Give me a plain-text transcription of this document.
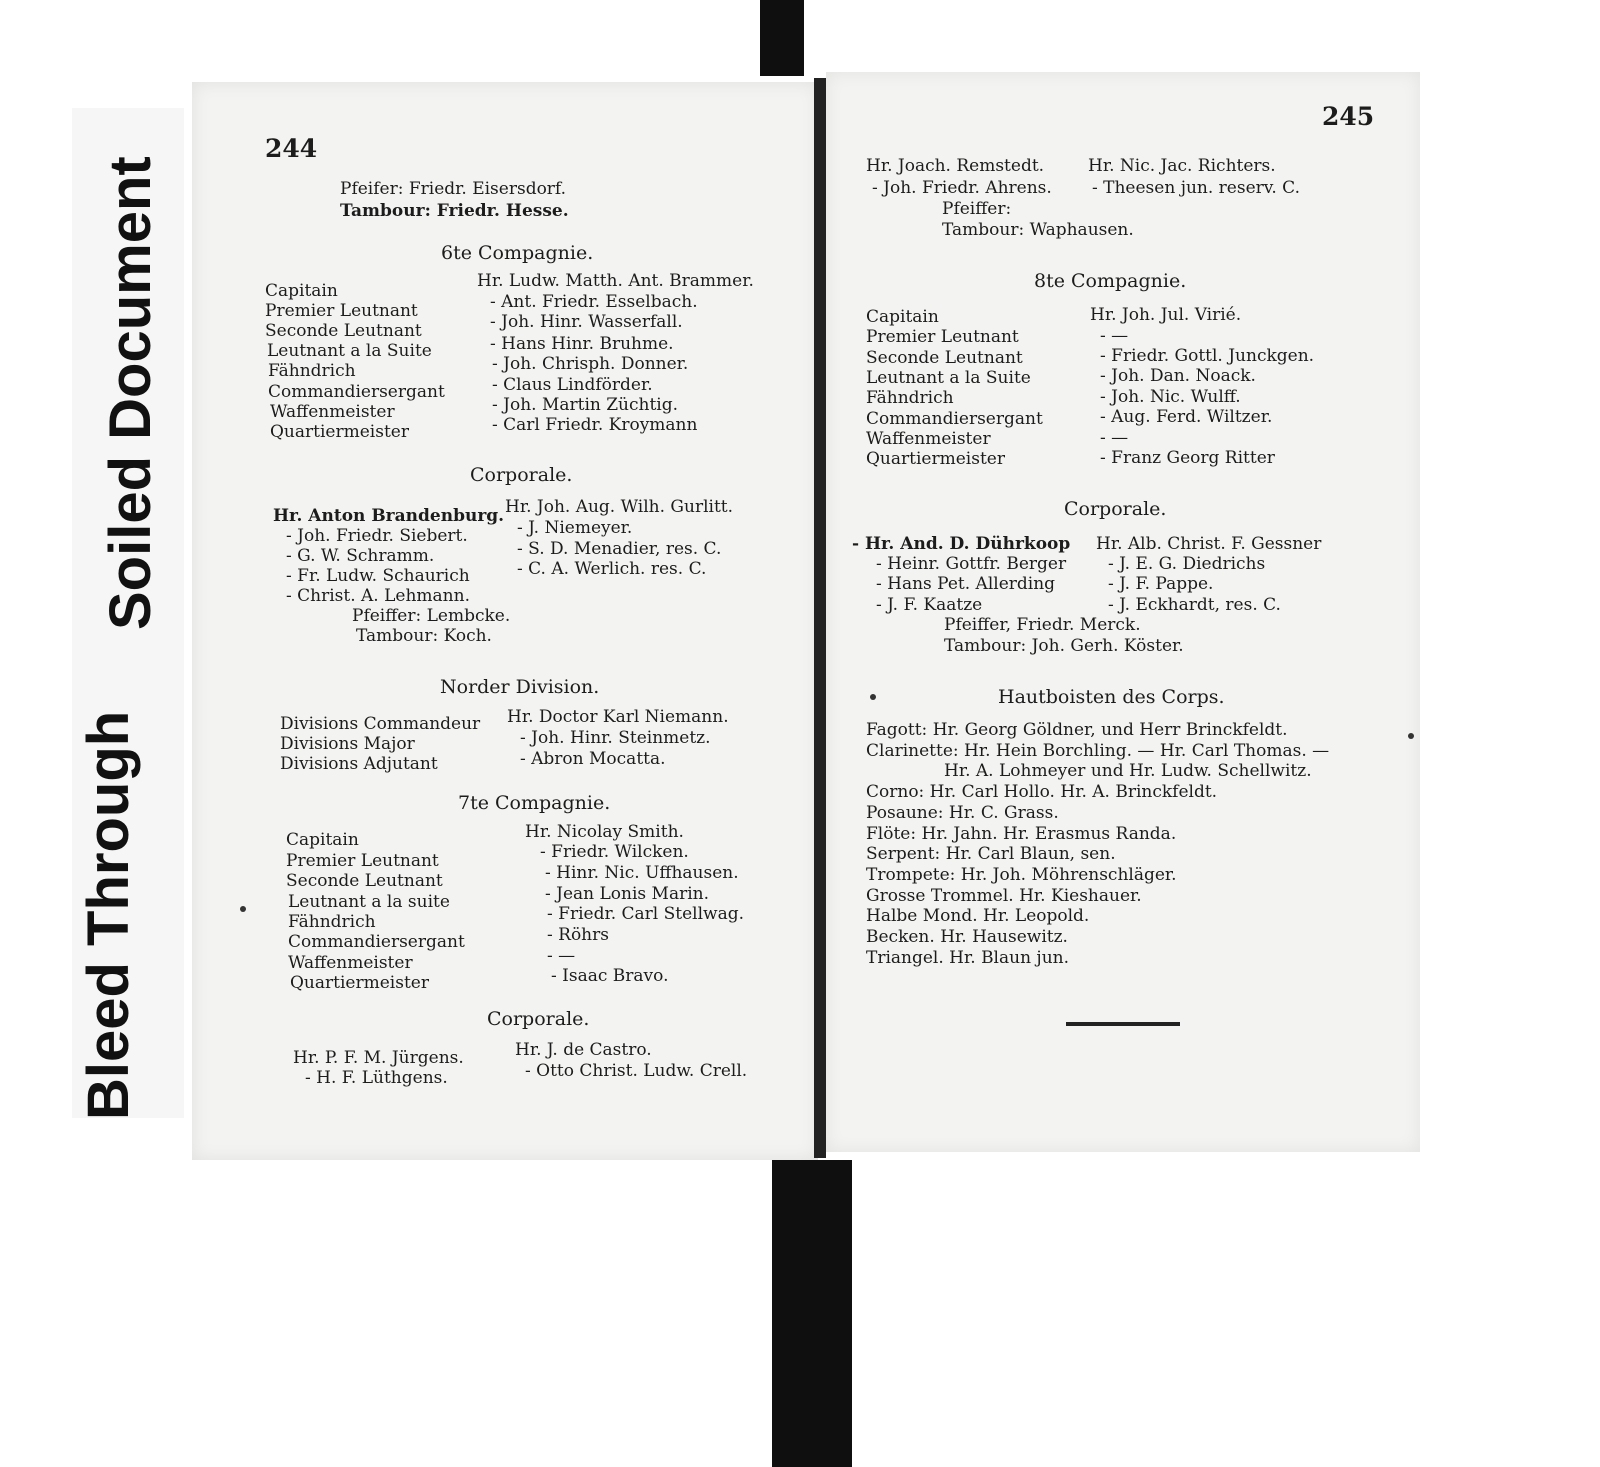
Bleed Through
Soiled Document
244
Pfeifer: Friedr. Eisersdorf.
Tambour: Friedr. Hesse.
6te Compagnie.
Capitain	Hr. Ludw. Matth. Ant. Brammer.
Premier Leutnant	- Ant. Friedr. Esselbach.
Seconde Leutnant	- Joh. Hinr. Wasserfall.
Leutnant a la Suite	- Hans Hinr. Bruhme.
Fähndrich	- Joh. Chrisph. Donner.
Commandiersergant	- Claus Lindförder.
Waffenmeister	- Joh. Martin Züchtig.
Quartiermeister	- Carl Friedr. Kroymann
Corporale.
Hr. Anton Brandenburg.
- Joh. Friedr. Siebert.
- G. W. Schramm.
- Fr. Ludw. Schaurich
- Christ. A. Lehmann.
Hr. Joh. Aug. Wilh. Gurlitt.
- J. Niemeyer.
- S. D. Menadier, res. C.
- C. A. Werlich. res. C.
Pfeiffer: Lembcke.
Tambour: Koch.
Norder Division.
Divisions Commandeur Hr. Doctor Karl Niemann.
Divisions Major	- Joh. Hinr. Steinmetz.
Divisions Adjutant	- Abron Mocatta.
7te Compagnie.
Capitain	Hr. Nicolay Smith.
Premier Leutnant	- Friedr. Wilcken.
Seconde Leutnant	- Hinr. Nic. Uffhausen.
Leutnant a la suite	- Jean Lonis Marin.
Fähndrich	- Friedr. Carl Stellwag.
Commandiersergant	- Röhrs
Waffenmeister	- —
Quartiermeister	- Isaac Bravo.
Corporale.
Hr. P. F. M. Jürgens.
- H. F. Lüthgens.
Hr. J. de Castro.
- Otto Christ. Ludw. Crell.
245
Hr. Joach. Remstedt.
- Joh. Friedr. Ahrens.
Hr. Nic. Jac. Richters.
- Theesen jun. reserv. C.
Pfeiffer:
Tambour: Waphausen.
8te Compagnie.
Capitain	Hr. Joh. Jul. Virié.
Premier Leutnant	- —
Seconde Leutnant	- Friedr. Gottl. Junckgen.
Leutnant a la Suite	- Joh. Dan. Noack.
Fähndrich	- Joh. Nic. Wulff.
Commandiersergant	- Aug. Ferd. Wiltzer.
Waffenmeister	- —
Quartiermeister	- Franz Georg Ritter
Corporale.
- Hr. And. D. Dührkoop
- Heinr. Gottfr. Berger
- Hans Pet. Allerding
- J. F. Kaatze
Hr. Alb. Christ. F. Gessner
- J. E. G. Diedrichs
- J. F. Pappe.
- J. Eckhardt, res. C.
Pfeiffer, Friedr. Merck.
Tambour: Joh. Gerh. Köster.
Hautboisten des Corps.
Fagott: Hr. Georg Göldner, und Herr Brinckfeldt.
Clarinette: Hr. Hein Borchling. — Hr. Carl Thomas. —
Hr. A. Lohmeyer und Hr. Ludw. Schellwitz.
Corno: Hr. Carl Hollo. Hr. A. Brinckfeldt.
Posaune: Hr. C. Grass.
Flöte: Hr. Jahn. Hr. Erasmus Randa.
Serpent: Hr. Carl Blaun, sen.
Trompete: Hr. Joh. Möhrenschläger.
Grosse Trommel. Hr. Kieshauer.
Halbe Mond. Hr. Leopold.
Becken. Hr. Hausewitz.
Triangel. Hr. Blaun jun.
